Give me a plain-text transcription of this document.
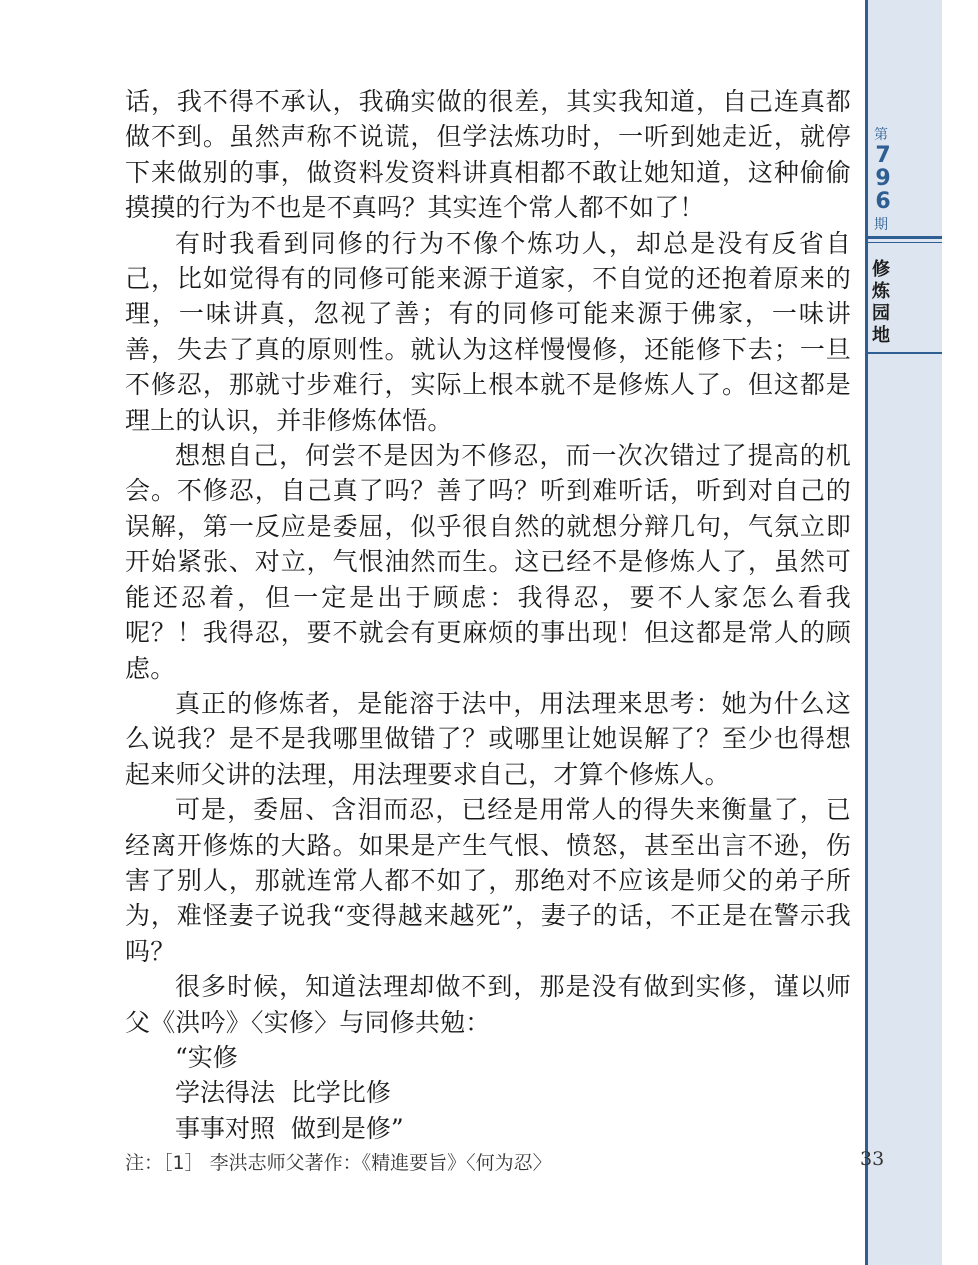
第
7
9
6
期
修
炼
园
地

话，我不得不承认，我确实做的很差，其实我知道，自己连真都做不到。虽然声称不说谎，但学法炼功时，一听到她走近，就停下来做别的事，做资料发资料讲真相都不敢让她知道，这种偷偷摸摸的行为不也是不真吗？其实连个常人都不如了！

有时我看到同修的行为不像个炼功人，却总是没有反省自己，比如觉得有的同修可能来源于道家，不自觉的还抱着原来的理，一味讲真，忽视了善；有的同修可能来源于佛家，一味讲善，失去了真的原则性。就认为这样慢慢修，还能修下去；一旦不修忍，那就寸步难行，实际上根本就不是修炼人了。但这都是理上的认识，并非修炼体悟。

想想自己，何尝不是因为不修忍，而一次次错过了提高的机会。不修忍，自己真了吗？善了吗？听到难听话，听到对自己的误解，第一反应是委屈，似乎很自然的就想分辩几句，气氛立即开始紧张、对立，气恨油然而生。这已经不是修炼人了，虽然可能还忍着，但一定是出于顾虑：我得忍，要不人家怎么看我呢？！我得忍，要不就会有更麻烦的事出现！但这都是常人的顾虑。

真正的修炼者，是能溶于法中，用法理来思考：她为什么这么说我？是不是我哪里做错了？或哪里让她误解了？至少也得想起来师父讲的法理，用法理要求自己，才算个修炼人。

可是，委屈、含泪而忍，已经是用常人的得失来衡量了，已经离开修炼的大路。如果是产生气恨、愤怒，甚至出言不逊，伤害了别人，那就连常人都不如了，那绝对不应该是师父的弟子所为，难怪妻子说我“变得越来越死”，妻子的话，不正是在警示我吗？

很多时候，知道法理却做不到，那是没有做到实修，谨以师父《洪吟》〈实修〉与同修共勉：

“实修

学法得法  比学比修

事事对照  做到是修”

注：［1］ 李洪志师父著作：《精進要旨》〈何为忍〉	33
